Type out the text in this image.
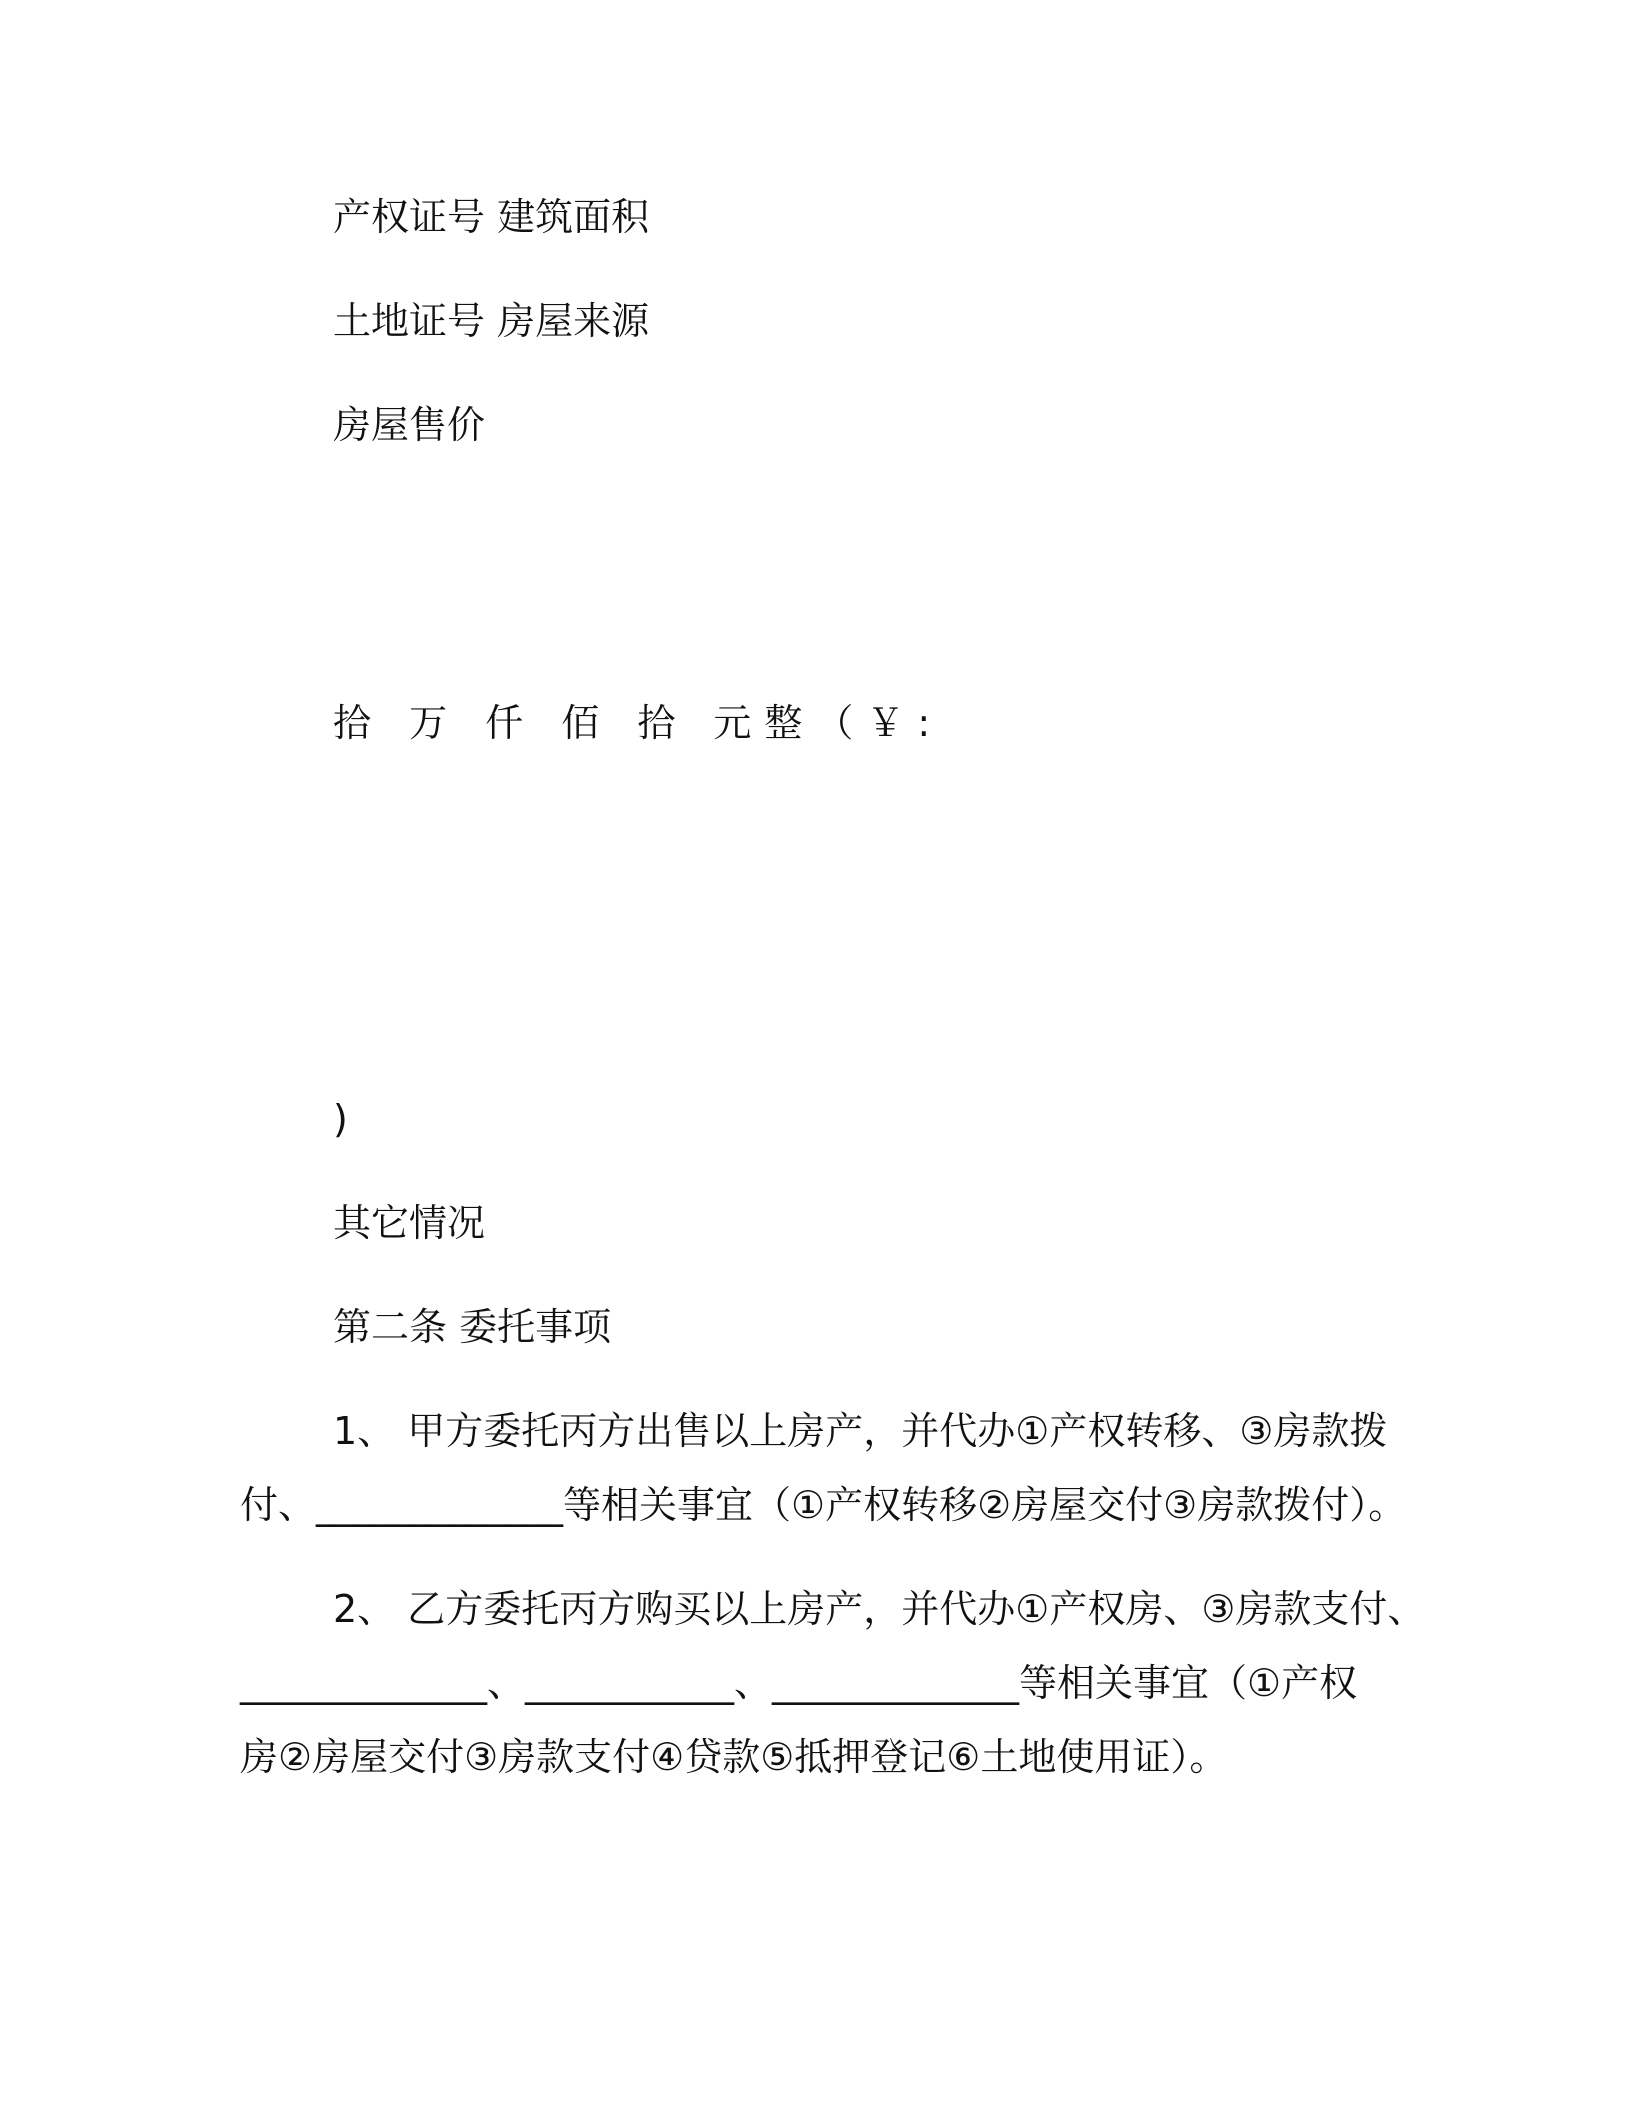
产权证号 建筑面积

土地证号 房屋来源

房屋售价

拾 万 仟 佰 拾 元整（￥:

)

其它情况

第二条 委托事项

1、 甲方委托丙方出售以上房产，并代办①产权转移、③房款拨

付、_____________等相关事宜（①产权转移②房屋交付③房款拨付）。

2、 乙方委托丙方购买以上房产，并代办①产权房、③房款支付、

_____________、___________、_____________等相关事宜（①产权

房②房屋交付③房款支付④贷款⑤抵押登记⑥土地使用证）。
